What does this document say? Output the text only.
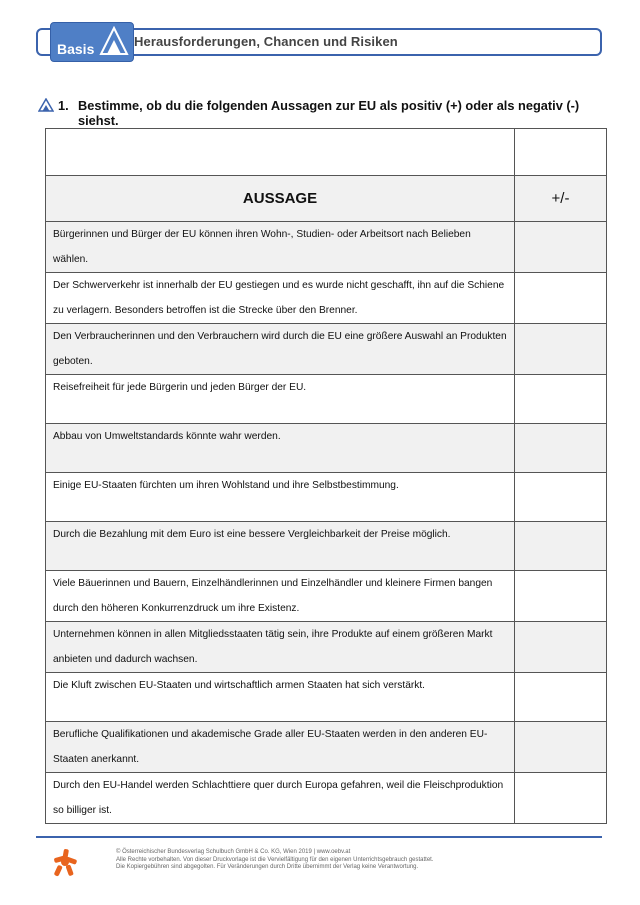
Herausforderungen, Chancen und Risiken
Basis
1. Bestimme, ob du die folgenden Aussagen zur EU als positiv (+) oder als negativ (-) siehst.

AUSSAGE	+/-
Bürgerinnen und Bürger der EU können ihren Wohn-, Studien- oder Arbeitsort nach Belieben wählen.	
Der Schwerverkehr ist innerhalb der EU gestiegen und es wurde nicht geschafft, ihn auf die Schiene zu verlagern. Besonders betroffen ist die Strecke über den Brenner.	
Den Verbraucherinnen und den Verbrauchern wird durch die EU eine größere Auswahl an Produkten geboten.	
Reisefreiheit für jede Bürgerin und jeden Bürger der EU.	
Abbau von Umweltstandards könnte wahr werden.	
Einige EU-Staaten fürchten um ihren Wohlstand und ihre Selbstbestimmung.	
Durch die Bezahlung mit dem Euro ist eine bessere Vergleichbarkeit der Preise möglich.	
Viele Bäuerinnen und Bauern, Einzelhändlerinnen und Einzelhändler und kleinere Firmen bangen durch den höheren Konkurrenzdruck um ihre Existenz.	
Unternehmen können in allen Mitgliedsstaaten tätig sein, ihre Produkte auf einem größeren Markt anbieten und dadurch wachsen.	
Die Kluft zwischen EU-Staaten und wirtschaftlich armen Staaten hat sich verstärkt.	
Berufliche Qualifikationen und akademische Grade aller EU-Staaten werden in den anderen EU-Staaten anerkannt.	
Durch den EU-Handel werden Schlachttiere quer durch Europa gefahren, weil die Fleischproduktion so billiger ist.	
© Österreichischer Bundesverlag Schulbuch GmbH & Co. KG, Wien 2019 | www.oebv.at
Alle Rechte vorbehalten. Von dieser Druckvorlage ist die Vervielfältigung für den eigenen Unterrichtsgebrauch gestattet.
Die Kopiergebühren sind abgegolten. Für Veränderungen durch Dritte übernimmt der Verlag keine Verantwortung.
